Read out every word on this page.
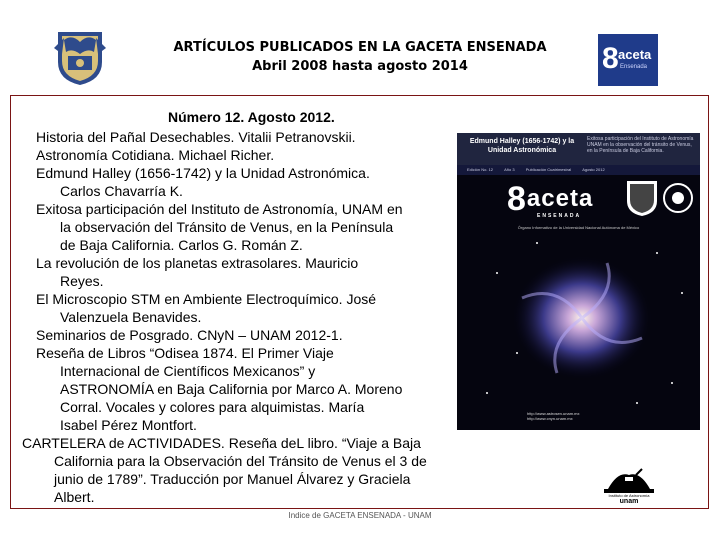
ARTÍCULOS PUBLICADOS EN LA GACETA ENSENADA
Abril 2008 hasta agosto 2014	8 aceta
Ensenada
Número 12. Agosto 2012.
Historia del Pañal Desechables. Vitalii Petranovskii.
Astronomía Cotidiana. Michael Richer.
Edmund Halley (1656-1742) y la Unidad Astronómica.
Carlos Chavarría K.
Exitosa participación del Instituto de Astronomía, UNAM en
la observación del Tránsito de Venus, en la Península
de Baja California. Carlos G. Román Z.
La revolución de los planetas extrasolares. Mauricio
Reyes.
El Microscopio STM en Ambiente Electroquímico. José
Valenzuela Benavides.
Seminarios de Posgrado. CNyN – UNAM 2012-1.
Reseña de Libros “Odisea 1874. El Primer Viaje
Internacional de Científicos Mexicanos” y
ASTRONOMÍA en Baja California por Marco A. Moreno
Corral. Vocales y colores para alquimistas. María
Isabel Pérez Montfort.
CARTELERA de ACTIVIDADES. Reseña deL libro. “Viaje a Baja
California para la Observación del Tránsito de Venus el 3 de
junio de 1789”. Traducción por Manuel Álvarez y Graciela
Albert.
Edmund Halley (1656-1742) y la Unidad Astronómica
Exitosa participación del Instituto de Astronomía UNAM en la observación del tránsito de Venus, en la Península de Baja California.
Edición No. 12	Año 3	Publicación Cuatrimestral	Agosto 2012
8aceta
ENSENADA
Órgano Informativo de la Universidad Nacional Autónoma de México
http://www.astrosen.unam.mx
http://www.cnyn.unam.mx
Instituto de Astronomía
unam
Indice de GACETA ENSENADA - UNAM
